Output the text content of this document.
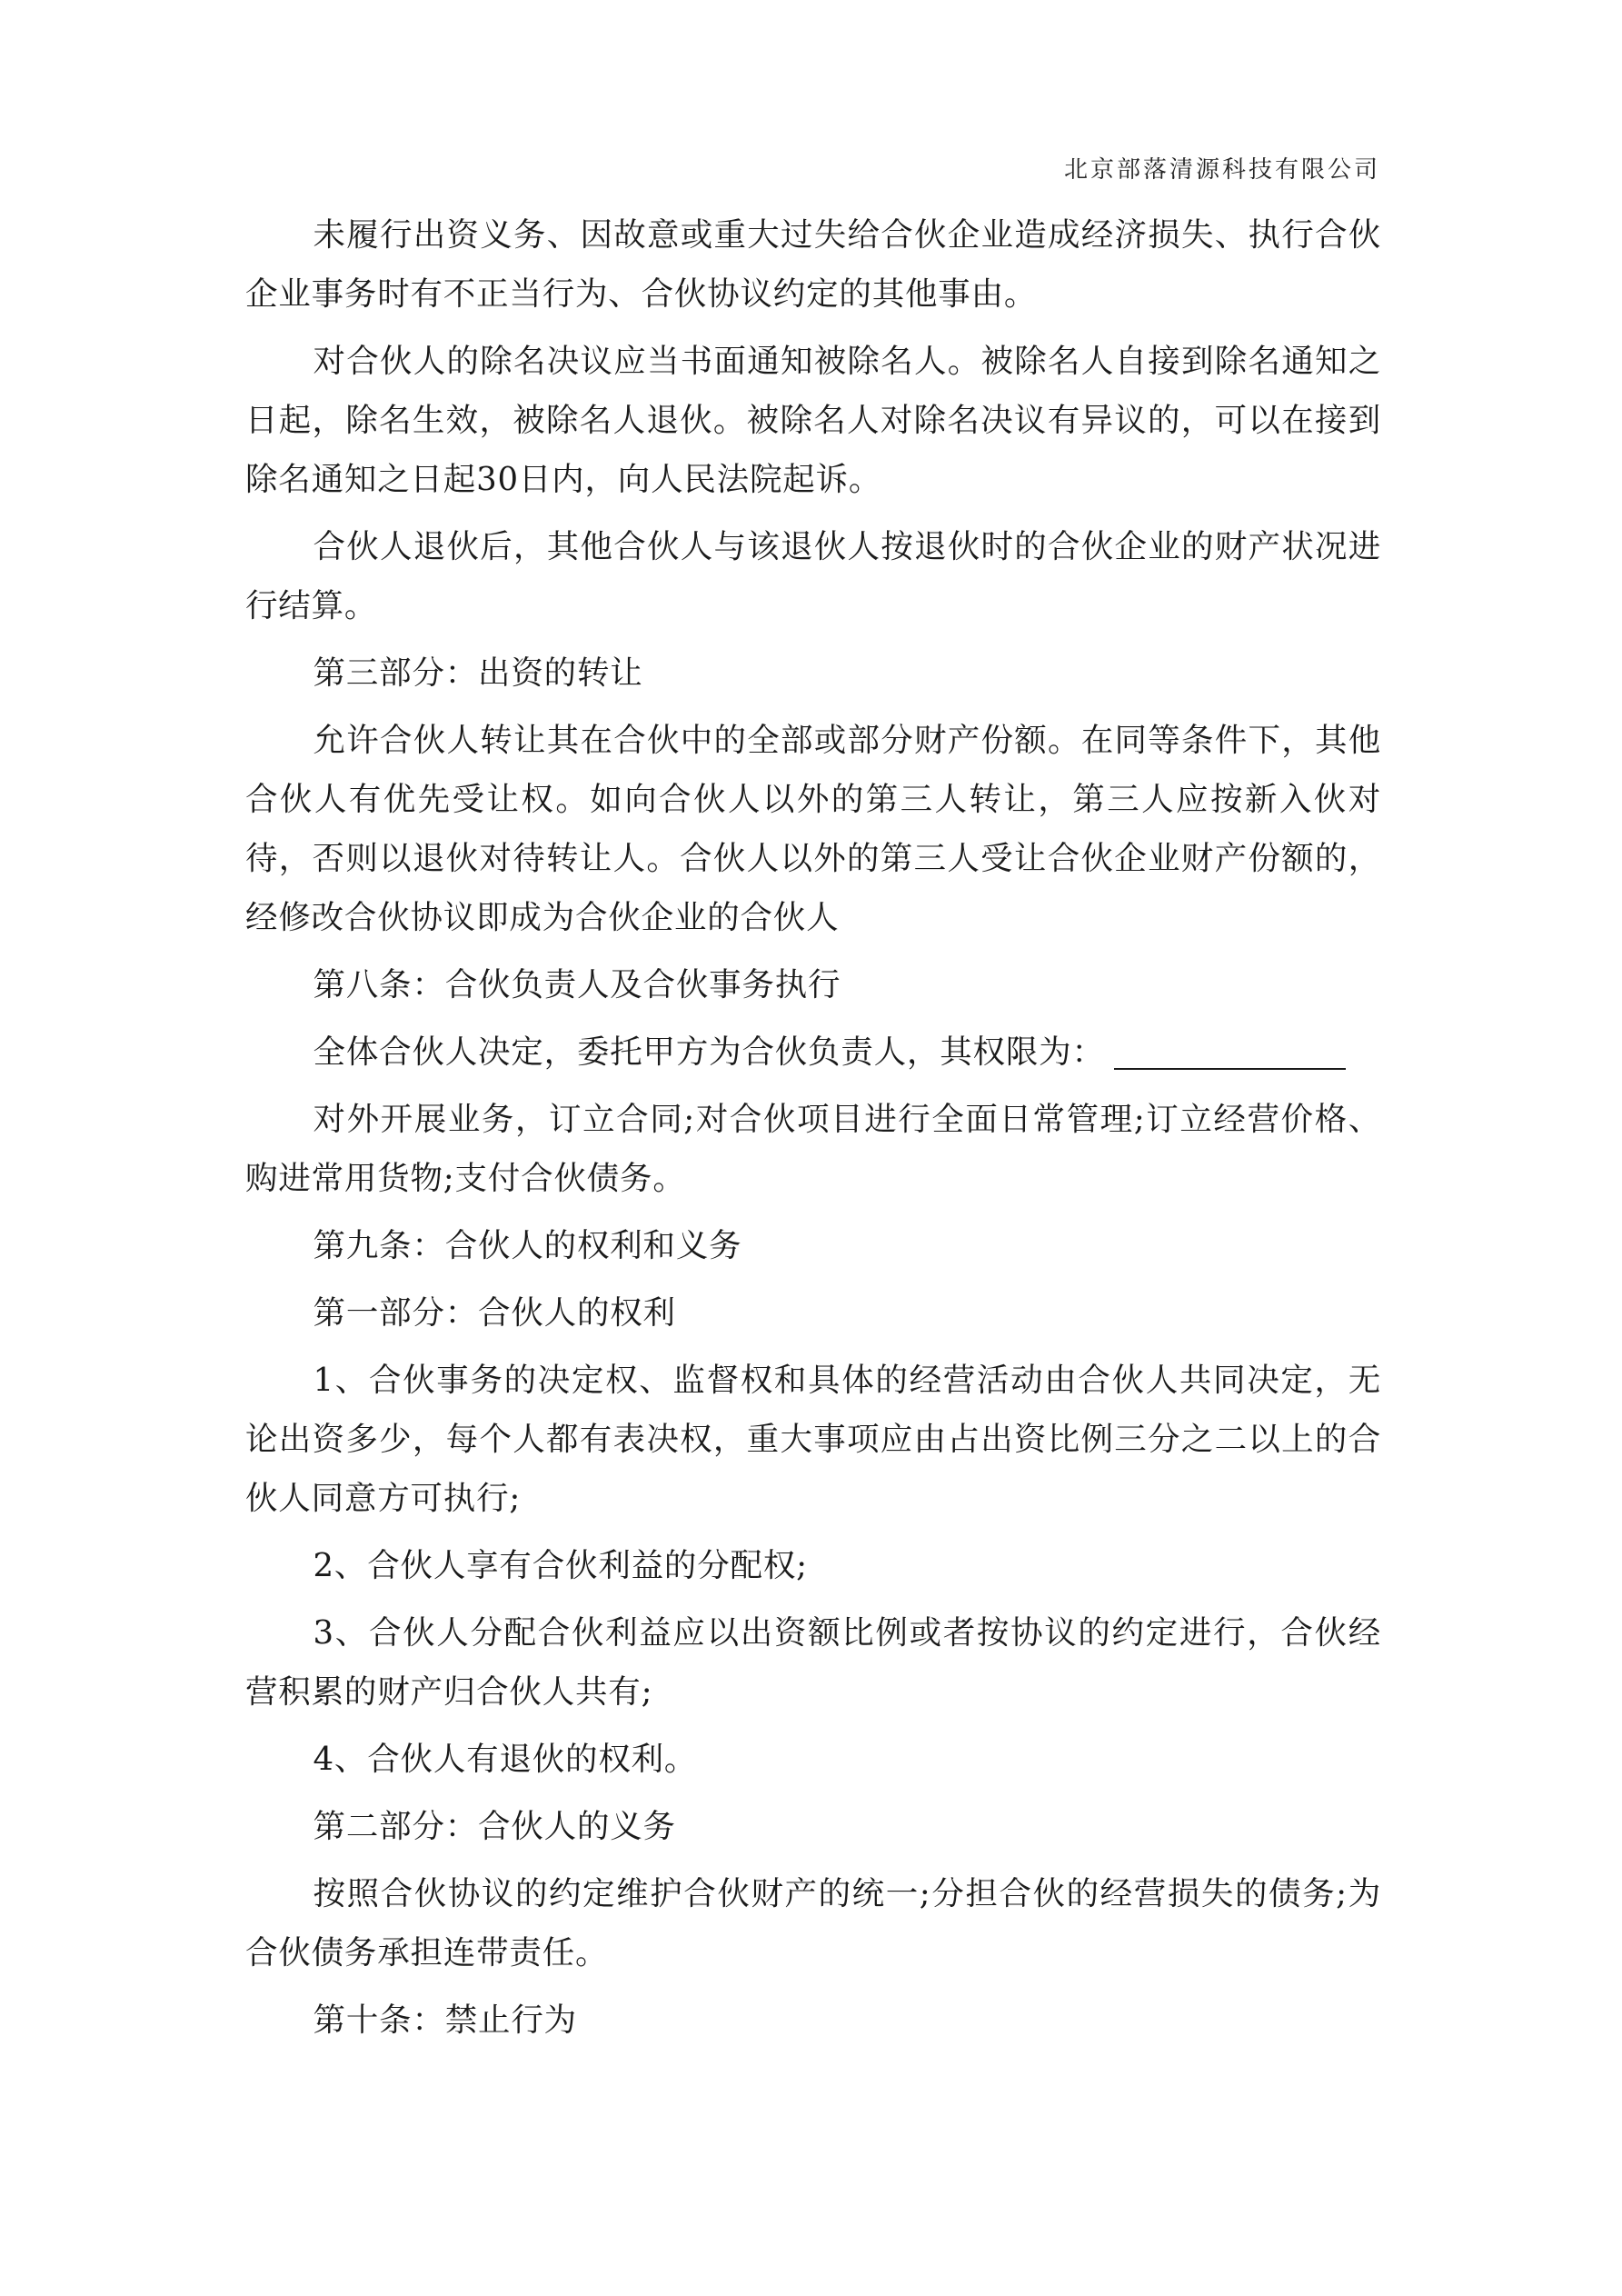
北京部落清源科技有限公司

未履行出资义务、因故意或重大过失给合伙企业造成经济损失、执行合伙企业事务时有不正当行为、合伙协议约定的其他事由。

对合伙人的除名决议应当书面通知被除名人。被除名人自接到除名通知之日起，除名生效，被除名人退伙。被除名人对除名决议有异议的，可以在接到除名通知之日起30日内，向人民法院起诉。

合伙人退伙后，其他合伙人与该退伙人按退伙时的合伙企业的财产状况进行结算。

第三部分：出资的转让

允许合伙人转让其在合伙中的全部或部分财产份额。在同等条件下，其他合伙人有优先受让权。如向合伙人以外的第三人转让，第三人应按新入伙对待，否则以退伙对待转让人。合伙人以外的第三人受让合伙企业财产份额的，经修改合伙协议即成为合伙企业的合伙人

第八条：合伙负责人及合伙事务执行

全体合伙人决定，委托甲方为合伙负责人，其权限为：

对外开展业务，订立合同;对合伙项目进行全面日常管理;订立经营价格、购进常用货物;支付合伙债务。

第九条：合伙人的权利和义务

第一部分：合伙人的权利

1、合伙事务的决定权、监督权和具体的经营活动由合伙人共同决定，无论出资多少，每个人都有表决权，重大事项应由占出资比例三分之二以上的合伙人同意方可执行;

2、合伙人享有合伙利益的分配权;

3、合伙人分配合伙利益应以出资额比例或者按协议的约定进行，合伙经营积累的财产归合伙人共有;

4、合伙人有退伙的权利。

第二部分：合伙人的义务

按照合伙协议的约定维护合伙财产的统一;分担合伙的经营损失的债务;为合伙债务承担连带责任。

第十条：禁止行为
